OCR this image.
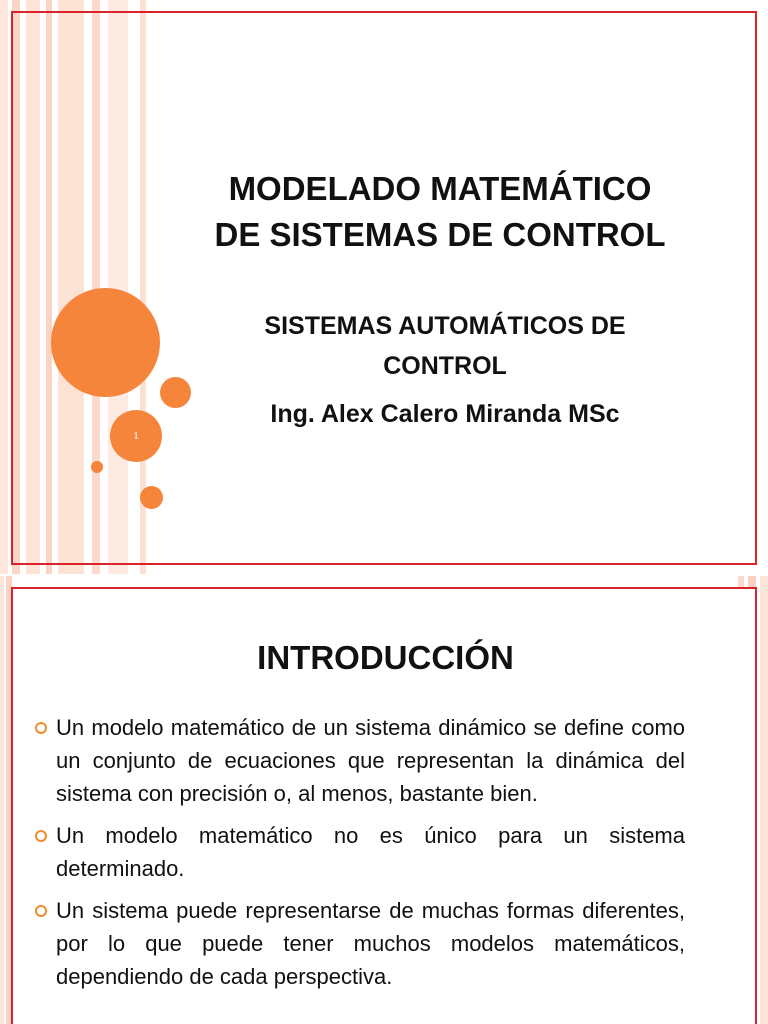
1
MODELADO MATEMÁTICO
DE SISTEMAS DE CONTROL
SISTEMAS AUTOMÁTICOS DE
CONTROL
Ing. Alex Calero Miranda MSc
INTRODUCCIÓN
Un modelo matemático de un sistema dinámico se define como un conjunto de ecuaciones que representan la dinámica del sistema con precisión o, al menos, bastante bien.
Un modelo matemático no es único para un sistema determinado.
Un sistema puede representarse de muchas formas diferentes, por lo que puede tener muchos modelos matemáticos, dependiendo de cada perspectiva.
